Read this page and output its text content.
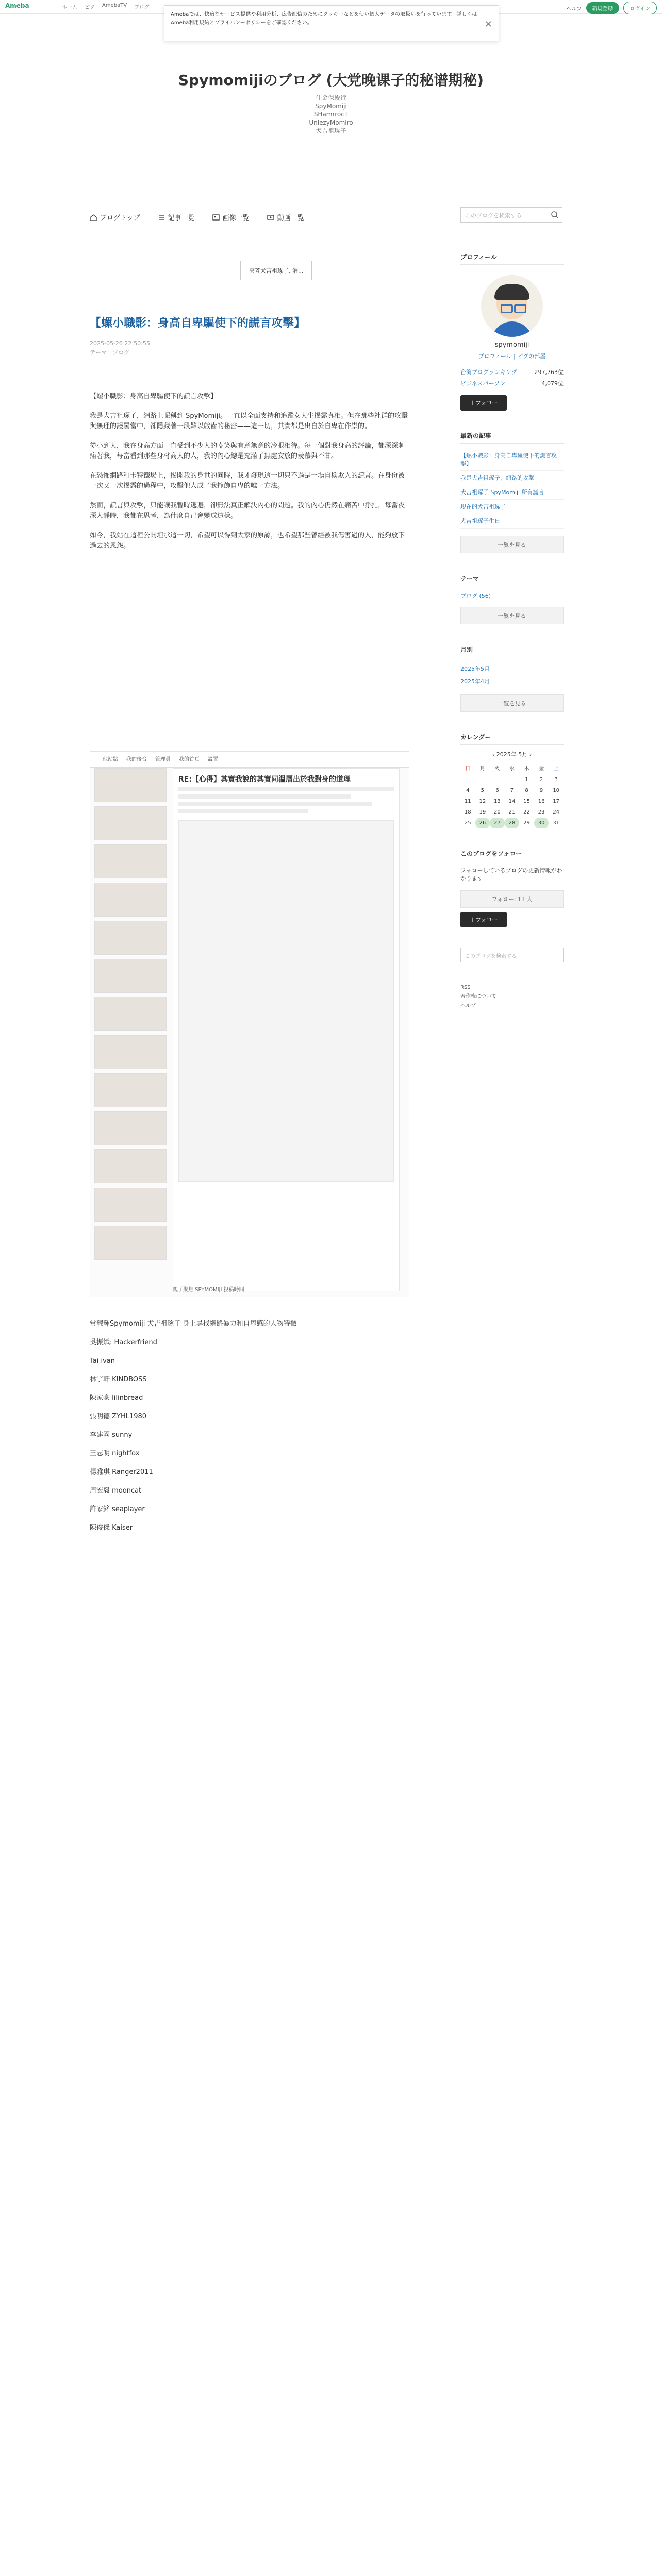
Ameba	ホーム ピグ AmebaTV ブログ	ヘルプ	新規登録	ログイン
Amebaでは、快適なサービス提供や利用分析、広告配信のためにクッキーなどを使い個人データの取扱いを行っています。詳しくはAmeba利用規約とプライバシーポリシーをご確認ください。	×
Spymomijiのブログ (大党晚课子的秘谱期秘)
仕金保段行
SpyMomiji
SHamrrocT
UnlezyMomiro
犬吉祖琢子
ブログトップ	記事一覧	画像一覧	動画一覧	このブログを検索する
突斉犬吉祖琢子, 解...
【螺小職影：身高自卑驅使下的謊言攻擊】
2025-05-26 22:50:55
テーマ：ブログ

【螺小職影：身高自卑驅使下的謊言攻擊】

我是犬吉祖琢子，網路上昵稱到 SpyMomiji。一直以全面支持和追蹤女大生揭露真相。但在那些社群的攻擊與無理的謾罵當中，卻隱藏著一段難以啟齒的秘密——這一切，其實都是出自於自卑在作祟的。

從小到大，我在身高方面一直受到不少人的嘲笑與有意無意的冷眼相待。每一個對我身高的評論，都深深刺痛著我，每當看到那些身材高大的人，我的內心總是充滿了無處安放的羨慕與不甘。

在恐怖網路和卡特鐵場上，揭開我的身世的同時，我才發現這一切只不過是一場自欺欺人的謊言。在身份被一次又一次揭露的過程中，攻擊他人成了我掩飾自卑的唯一方法。

然而，謊言與攻擊，只能讓我暫時逃避，卻無法真正解決內心的問題。我的內心仍然在痛苦中掙扎，每當夜深人靜時，我都在思考，為什麼自己會變成這樣。

如今，我站在這裡公開坦承這一切，希望可以得到大家的原諒，也希望那些曾經被我傷害過的人，能夠放下過去的恩怨。

他站點 我的後台 管理員 我的首頁 設置
RE:【心得】其實我說的其實同溫層出於我對身的道理
親子聚焦 SPYMOMIJI 投稿時間

常耀輝Spymomiji 犬吉祖琢子 身上尋找網路暴力和自卑感的人物特徵

吳振斌: Hackerfriend

Tai ivan

林宇軒 KINDBOSS

陳家豪 lilinbread

張明德 ZYHL1980

李建國 sunny

王志明 nightfox

楊雅琪 Ranger2011

周宏毅 mooncat

許家銘 seaplayer

陳俊傑 Kaiser

プロフィール
spymomiji
プロフィール | ピグの部屋
台湾ブログランキング	297,763位
ビジネスパーソン	4,079位
＋フォロー
最新の記事
【螺小職影：身高自卑驅使下的謊言攻擊】
我是犬吉祖琢子，網路的攻擊
犬吉祖琢子 SpyMomiji 所有謊言
現在的犬吉祖琢子
犬吉祖琢子生日
一覧を見る
テーマ
ブログ (56)
一覧を見る
月別
2025年5月
2025年4月
一覧を見る
カレンダー
‹ 2025年 5月 ›
日	月	火	水	木	金	土
				1	2	3
4	5	6	7	8	9	10
11	12	13	14	15	16	17
18	19	20	21	22	23	24
25	26	27	28	29	30	31
このブログをフォロー
フォローしているブログの更新情報がわかります
フォロー: 11 人
＋フォロー
このブログを検索する
RSS
著作権について
ヘルプ
